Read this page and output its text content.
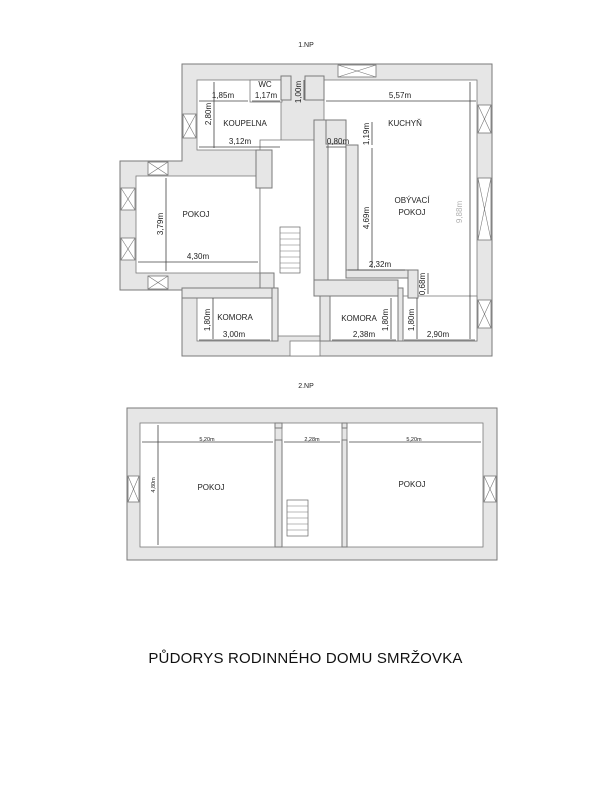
1.NP
WC
KOUPELNA	KUCHYŇ
POKOJ
OBÝVACÍ
POKOJ
KOMORA	KOMORA
1,85m	1,17m 1,00m	5,57m
2,80m
0,80m 1,19m
3,12m
3,79m
4,30m
4,69m	9,88m
2,32m
0,68m
1,80m
3,00m
1,80m
2,38m
1,80m
2,90m
2.NP
POKOJ	POKOJ
5,20m	2,28m	5,20m
4,80m
PŮDORYS RODINNÉHO DOMU SMRŽOVKA
